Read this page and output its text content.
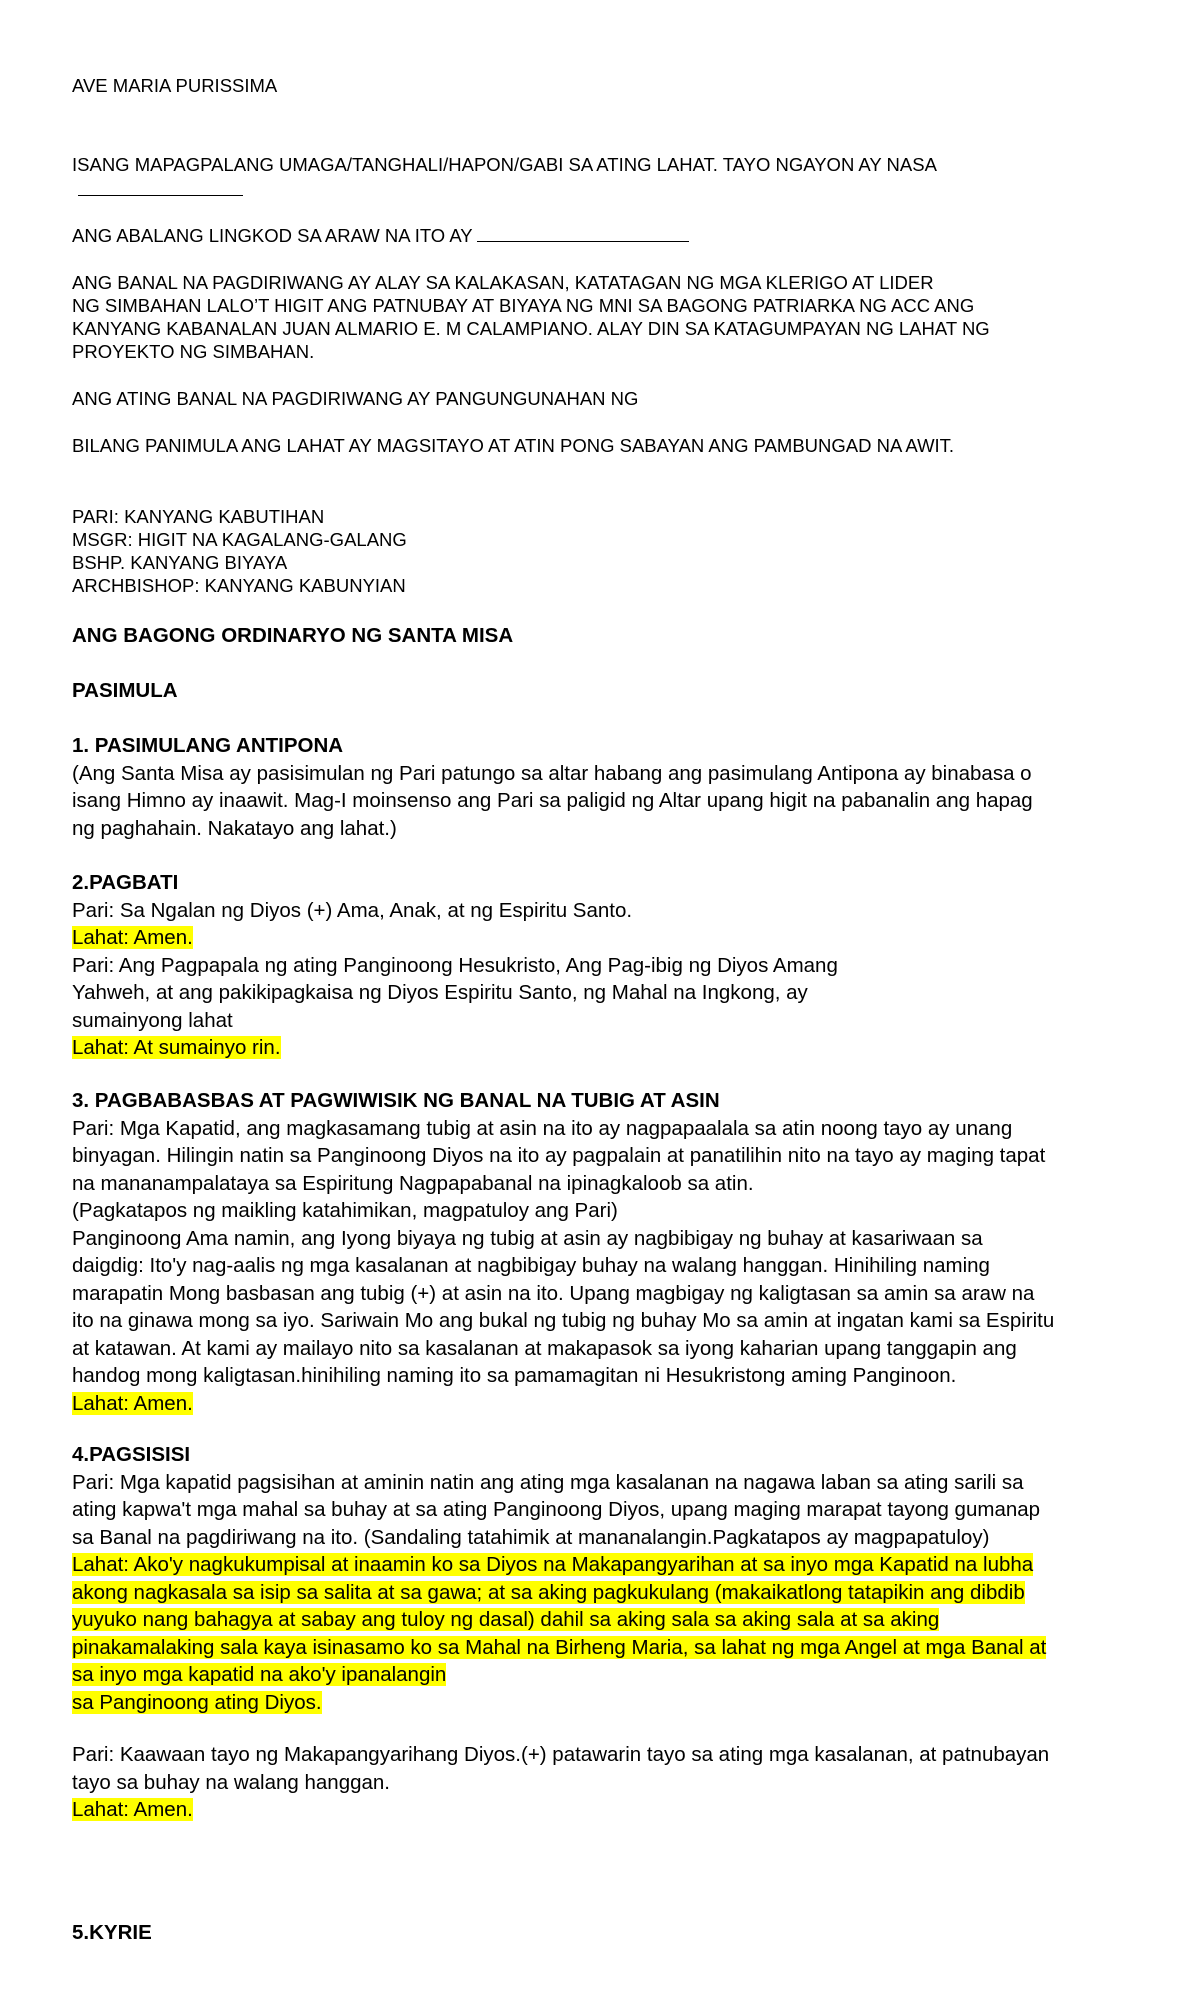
AVE MARIA PURISSIMA

ISANG MAPAGPALANG UMAGA/TANGHALI/HAPON/GABI SA ATING LAHAT. TAYO NGAYON AY NASA

ANG ABALANG LINGKOD SA ARAW NA ITO AY

ANG BANAL NA PAGDIRIWANG AY ALAY SA KALAKASAN, KATATAGAN NG MGA KLERIGO AT LIDER

NG SIMBAHAN LALO’T HIGIT ANG PATNUBAY AT BIYAYA NG MNI SA BAGONG PATRIARKA NG ACC ANG

KANYANG KABANALAN JUAN ALMARIO E. M CALAMPIANO. ALAY DIN SA KATAGUMPAYAN NG LAHAT NG

PROYEKTO NG SIMBAHAN.

ANG ATING BANAL NA PAGDIRIWANG AY PANGUNGUNAHAN NG

BILANG PANIMULA ANG LAHAT AY MAGSITAYO AT ATIN PONG SABAYAN ANG PAMBUNGAD NA AWIT.

PARI: KANYANG KABUTIHAN

MSGR: HIGIT NA KAGALANG-GALANG

BSHP. KANYANG BIYAYA

ARCHBISHOP: KANYANG KABUNYIAN

ANG BAGONG ORDINARYO NG SANTA MISA

PASIMULA

1. PASIMULANG ANTIPONA

(Ang Santa Misa ay pasisimulan ng Pari patungo sa altar habang ang pasimulang Antipona ay binabasa o

isang Himno ay inaawit. Mag-I moinsenso ang Pari sa paligid ng Altar upang higit na pabanalin ang hapag

ng paghahain. Nakatayo ang lahat.)

2.PAGBATI

Pari: Sa Ngalan ng Diyos (+) Ama, Anak, at ng Espiritu Santo.

Lahat: Amen.

Pari: Ang Pagpapala ng ating Panginoong Hesukristo, Ang Pag-ibig ng Diyos Amang

Yahweh, at ang pakikipagkaisa ng Diyos Espiritu Santo, ng Mahal na Ingkong, ay

sumainyong lahat

Lahat: At sumainyo rin.

3. PAGBABASBAS AT PAGWIWISIK NG BANAL NA TUBIG AT ASIN

Pari: Mga Kapatid, ang magkasamang tubig at asin na ito ay nagpapaalala sa atin noong tayo ay unang

binyagan. Hilingin natin sa Panginoong Diyos na ito ay pagpalain at panatilihin nito na tayo ay maging tapat

na mananampalataya sa Espiritung Nagpapabanal na ipinagkaloob sa atin.

(Pagkatapos ng maikling katahimikan, magpatuloy ang Pari)

Panginoong Ama namin, ang Iyong biyaya ng tubig at asin ay nagbibigay ng buhay at kasariwaan sa

daigdig: Ito'y nag-aalis ng mga kasalanan at nagbibigay buhay na walang hanggan. Hinihiling naming

marapatin Mong basbasan ang tubig (+) at asin na ito. Upang magbigay ng kaligtasan sa amin sa araw na

ito na ginawa mong sa iyo. Sariwain Mo ang bukal ng tubig ng buhay Mo sa amin at ingatan kami sa Espiritu

at katawan. At kami ay mailayo nito sa kasalanan at makapasok sa iyong kaharian upang tanggapin ang

handog mong kaligtasan.hinihiling naming ito sa pamamagitan ni Hesukristong aming Panginoon.

Lahat: Amen.

4.PAGSISISI

Pari: Mga kapatid pagsisihan at aminin natin ang ating mga kasalanan na nagawa laban sa ating sarili sa

ating kapwa't mga mahal sa buhay at sa ating Panginoong Diyos, upang maging marapat tayong gumanap

sa Banal na pagdiriwang na ito. (Sandaling tatahimik at mananalangin.Pagkatapos ay magpapatuloy)

Lahat: Ako'y nagkukumpisal at inaamin ko sa Diyos na Makapangyarihan at sa inyo mga Kapatid na lubha

akong nagkasala sa isip sa salita at sa gawa; at sa aking pagkukulang (makaikatlong tatapikin ang dibdib

yuyuko nang bahagya at sabay ang tuloy ng dasal) dahil sa aking sala sa aking sala at sa aking

pinakamalaking sala kaya isinasamo ko sa Mahal na Birheng Maria, sa lahat ng mga Angel at mga Banal at

sa inyo mga kapatid na ako'y ipanalangin

sa Panginoong ating Diyos.

Pari: Kaawaan tayo ng Makapangyarihang Diyos.(+) patawarin tayo sa ating mga kasalanan, at patnubayan

tayo sa buhay na walang hanggan.

Lahat: Amen.

5.KYRIE
